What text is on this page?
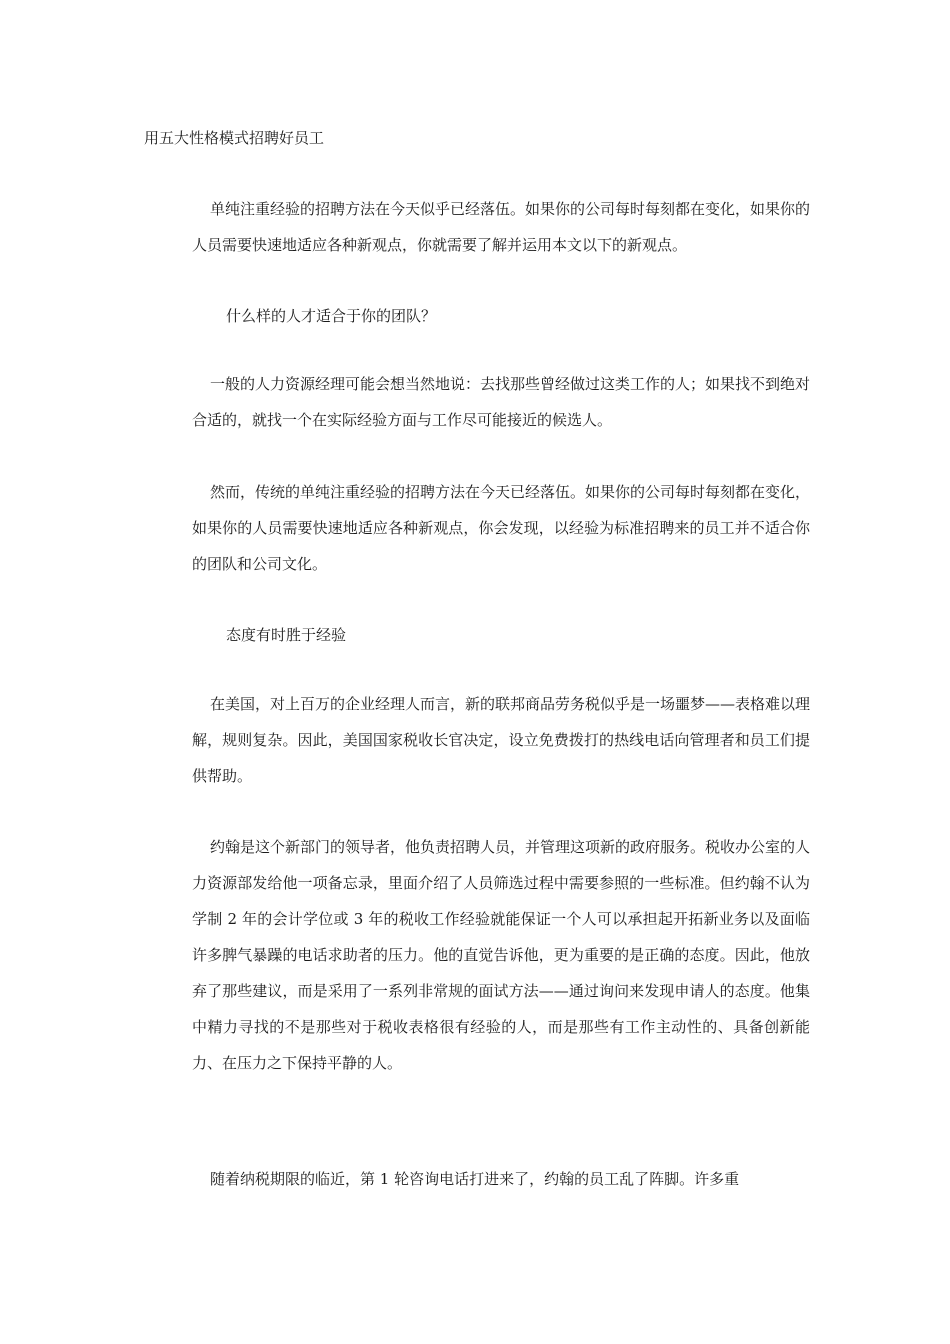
用五大性格模式招聘好员工

单纯注重经验的招聘方法在今天似乎已经落伍。如果你的公司每时每刻都在变化，如果你的人员需要快速地适应各种新观点，你就需要了解并运用本文以下的新观点。

什么样的人才适合于你的团队？

一般的人力资源经理可能会想当然地说：去找那些曾经做过这类工作的人；如果找不到绝对合适的，就找一个在实际经验方面与工作尽可能接近的候选人。

然而，传统的单纯注重经验的招聘方法在今天已经落伍。如果你的公司每时每刻都在变化，如果你的人员需要快速地适应各种新观点，你会发现，以经验为标准招聘来的员工并不适合你的团队和公司文化。

态度有时胜于经验

在美国，对上百万的企业经理人而言，新的联邦商品劳务税似乎是一场噩梦——表格难以理解，规则复杂。因此，美国国家税收长官决定，设立免费拨打的热线电话向管理者和员工们提供帮助。

约翰是这个新部门的领导者，他负责招聘人员，并管理这项新的政府服务。税收办公室的人力资源部发给他一项备忘录，里面介绍了人员筛选过程中需要参照的一些标准。但约翰不认为学制 2 年的会计学位或 3 年的税收工作经验就能保证一个人可以承担起开拓新业务以及面临许多脾气暴躁的电话求助者的压力。他的直觉告诉他，更为重要的是正确的态度。因此，他放弃了那些建议，而是采用了一系列非常规的面试方法——通过询问来发现申请人的态度。他集中精力寻找的不是那些对于税收表格很有经验的人，而是那些有工作主动性的、具备创新能力、在压力之下保持平静的人。

随着纳税期限的临近，第 1 轮咨询电话打进来了，约翰的员工乱了阵脚。许多重
